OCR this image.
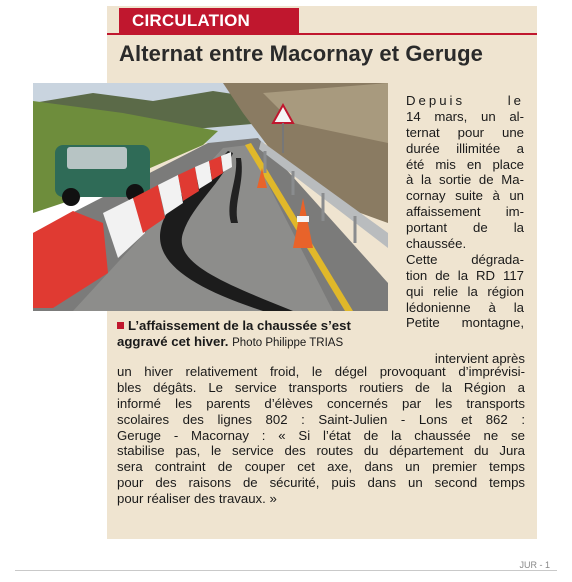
CIRCULATION
Alternat entre Macornay et Geruge
L’affaissement de la chaussée s’est aggravé cet hiver. Photo Philippe TRIAS
Depuis le
14 mars, un al-
ternat pour une
durée illimitée a
été mis en place
à la sortie de Ma-
cornay suite à un
affaissement im-
portant de la
chaussée.
Cette dégrada-
tion de la RD 117
qui relie la région
lédonienne à la
Petite montagne,
intervient après
un hiver relativement froid, le dégel provoquant d’imprévisi-
bles dégâts. Le service transports routiers de la Région a
informé les parents d’élèves concernés par les transports
scolaires des lignes 802 : Saint-Julien - Lons et 862 :
Geruge - Macornay : « Si l’état de la chaussée ne se
stabilise pas, le service des routes du département du Jura
sera contraint de couper cet axe, dans un premier temps
pour des raisons de sécurité, puis dans un second temps
pour réaliser des travaux. »
JUR - 1
